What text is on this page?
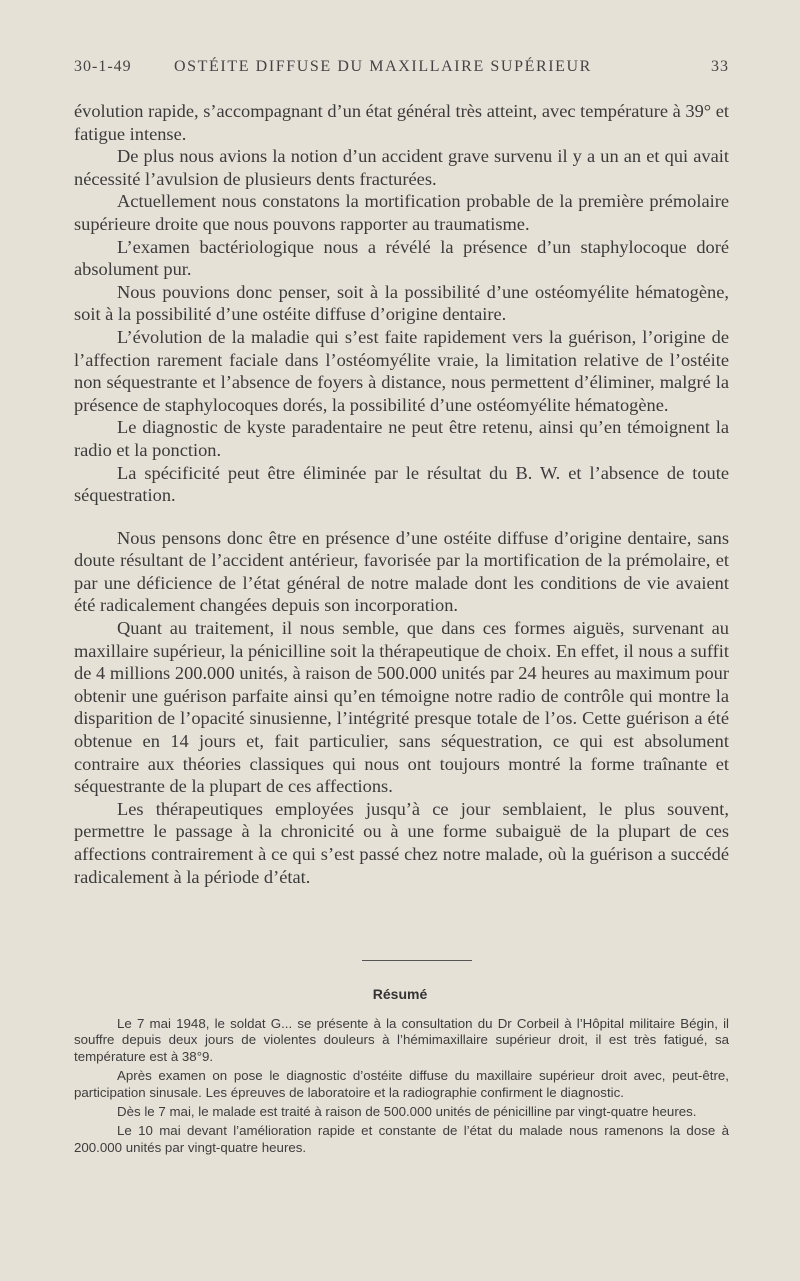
30-1-49	OSTÉITE DIFFUSE DU MAXILLAIRE SUPÉRIEUR	33

évolution rapide, s’accompagnant d’un état général très atteint, avec température à 39° et fatigue intense.

De plus nous avions la notion d’un accident grave survenu il y a un an et qui avait nécessité l’avulsion de plusieurs dents fracturées.

Actuellement nous constatons la mortification probable de la première prémolaire supérieure droite que nous pouvons rapporter au traumatisme.

L’examen bactériologique nous a révélé la présence d’un staphylocoque doré absolument pur.

Nous pouvions donc penser, soit à la possibilité d’une ostéomyélite hématogène, soit à la possibilité d’une ostéite diffuse d’origine dentaire.

L’évolution de la maladie qui s’est faite rapidement vers la guérison, l’origine de l’affection rarement faciale dans l’ostéomyélite vraie, la limitation relative de l’ostéite non séquestrante et l’absence de foyers à distance, nous permettent d’éliminer, malgré la présence de staphylocoques dorés, la possibilité d’une ostéomyélite hématogène.

Le diagnostic de kyste paradentaire ne peut être retenu, ainsi qu’en témoignent la radio et la ponction.

La spécificité peut être éliminée par le résultat du B. W. et l’absence de toute séquestration.

Nous pensons donc être en présence d’une ostéite diffuse d’origine dentaire, sans doute résultant de l’accident antérieur, favorisée par la mortification de la prémolaire, et par une déficience de l’état général de notre malade dont les conditions de vie avaient été radicalement changées depuis son incorporation.

Quant au traitement, il nous semble, que dans ces formes aiguës, survenant au maxillaire supérieur, la pénicilline soit la thérapeutique de choix. En effet, il nous a suffit de 4 millions 200.000 unités, à raison de 500.000 unités par 24 heures au maximum pour obtenir une guérison parfaite ainsi qu’en témoigne notre radio de contrôle qui montre la disparition de l’opacité sinusienne, l’intégrité presque totale de l’os. Cette guérison a été obtenue en 14 jours et, fait particulier, sans séquestration, ce qui est absolument contraire aux théories classiques qui nous ont toujours montré la forme traînante et séquestrante de la plupart de ces affections.

Les thérapeutiques employées jusqu’à ce jour semblaient, le plus souvent, permettre le passage à la chronicité ou à une forme subaiguë de la plupart de ces affections contrairement à ce qui s’est passé chez notre malade, où la guérison a succédé radicalement à la période d’état.

Résumé

Le 7 mai 1948, le soldat G... se présente à la consultation du Dr Corbeil à l’Hôpital militaire Bégin, il souffre depuis deux jours de violentes douleurs à l’hémimaxillaire supérieur droit, il est très fatigué, sa température est à 38°9.

Après examen on pose le diagnostic d’ostéite diffuse du maxillaire supérieur droit avec, peut-être, participation sinusale. Les épreuves de laboratoire et la radiographie confirment le diagnostic.

Dès le 7 mai, le malade est traité à raison de 500.000 unités de pénicilline par vingt-quatre heures.

Le 10 mai devant l’amélioration rapide et constante de l’état du malade nous ramenons la dose à 200.000 unités par vingt-quatre heures.
